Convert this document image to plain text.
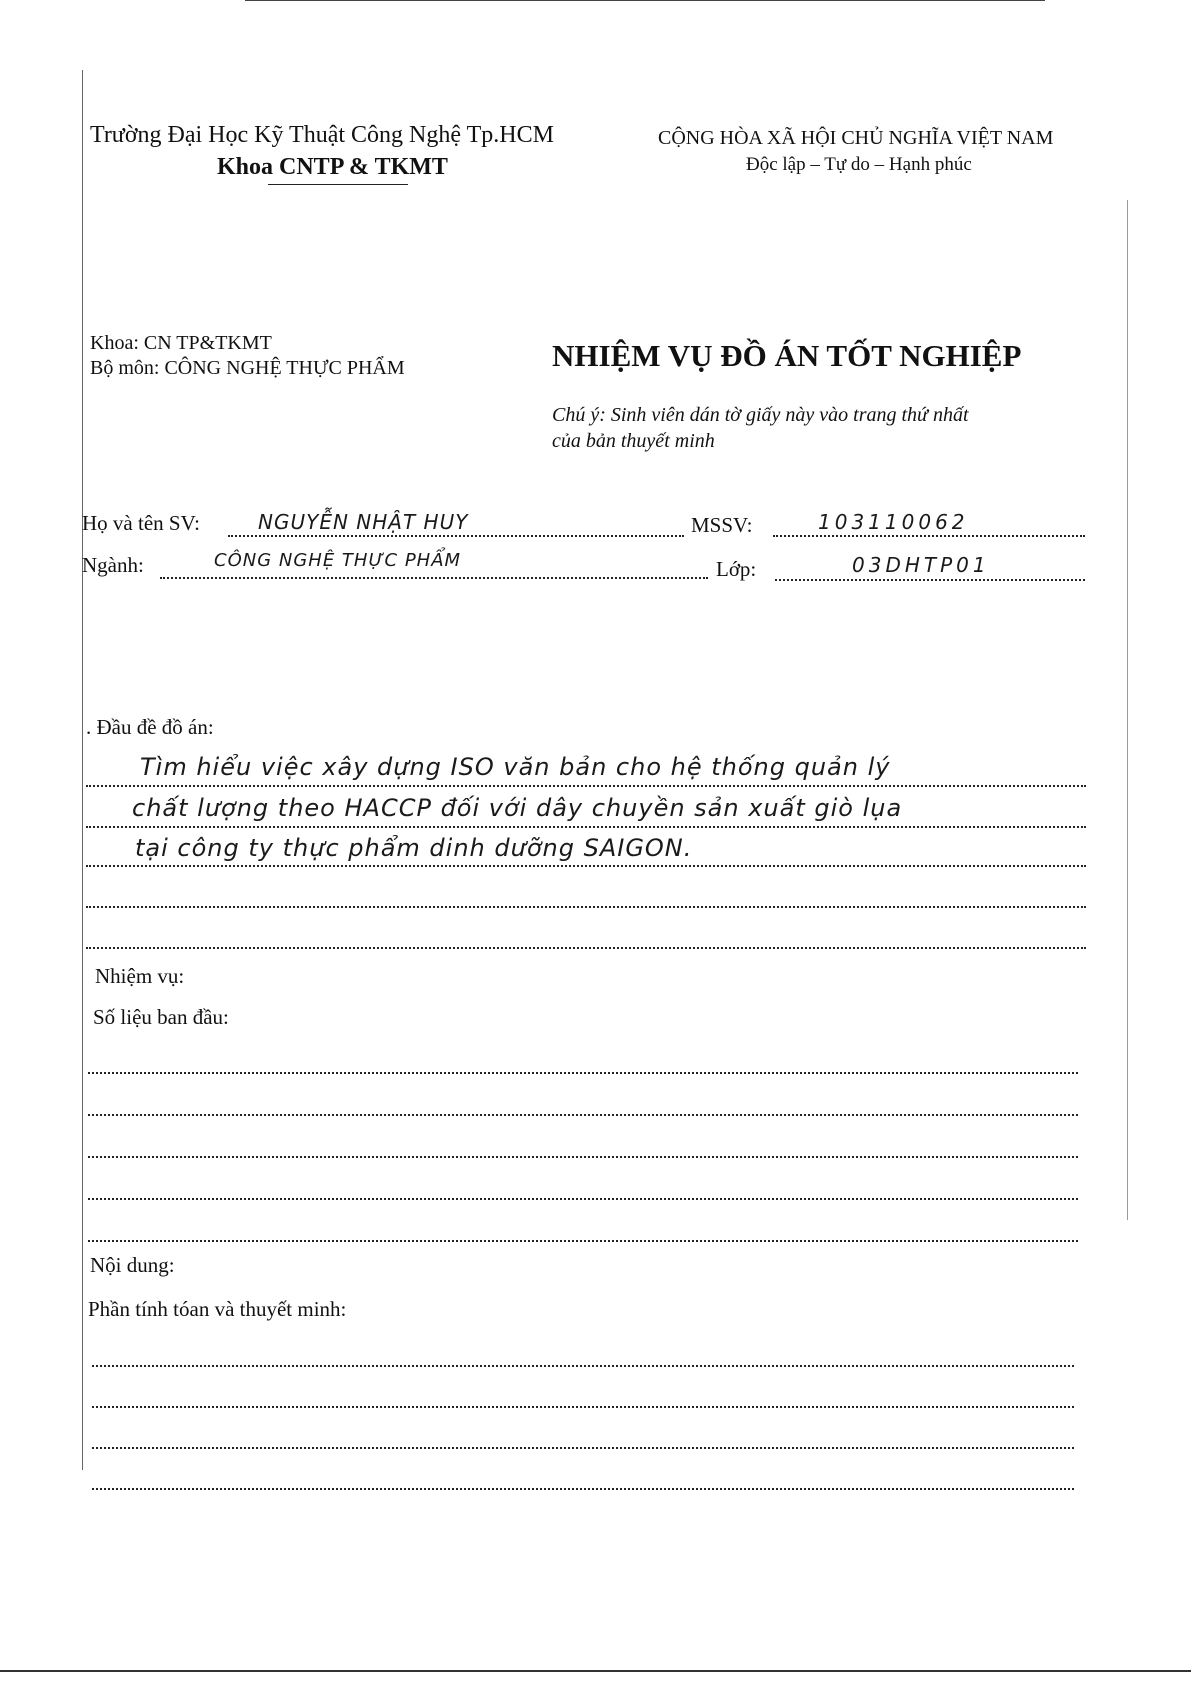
Trường Đại Học Kỹ Thuật Công Nghệ Tp.HCM
Khoa CNTP & TKMT
CỘNG HÒA XÃ HỘI CHỦ NGHĨA VIỆT NAM
Độc lập – Tự do – Hạnh phúc
Khoa: CN TP&TKMT
Bộ môn: CÔNG NGHỆ THỰC PHẨM	NHIỆM VỤ ĐỒ ÁN TỐT NGHIỆP
Chú ý: Sinh viên dán tờ giấy này vào trang thứ nhất
của bản thuyết minh
Họ và tên SV:	NGUYỄN NHẬT HUY	MSSV:	103110062
Ngành:	CÔNG NGHỆ THỰC PHẨM	Lớp:	03DHTP01
. Đầu đề đồ án:
Tìm hiểu việc xây dựng ISO văn bản cho hệ thống quản lý
chất lượng theo HACCP đối với dây chuyền sản xuất giò lụa
tại công ty thực phẩm dinh dưỡng SAIGON.
Nhiệm vụ:
Số liệu ban đầu:
Nội dung:
Phần tính tóan và thuyết minh:
